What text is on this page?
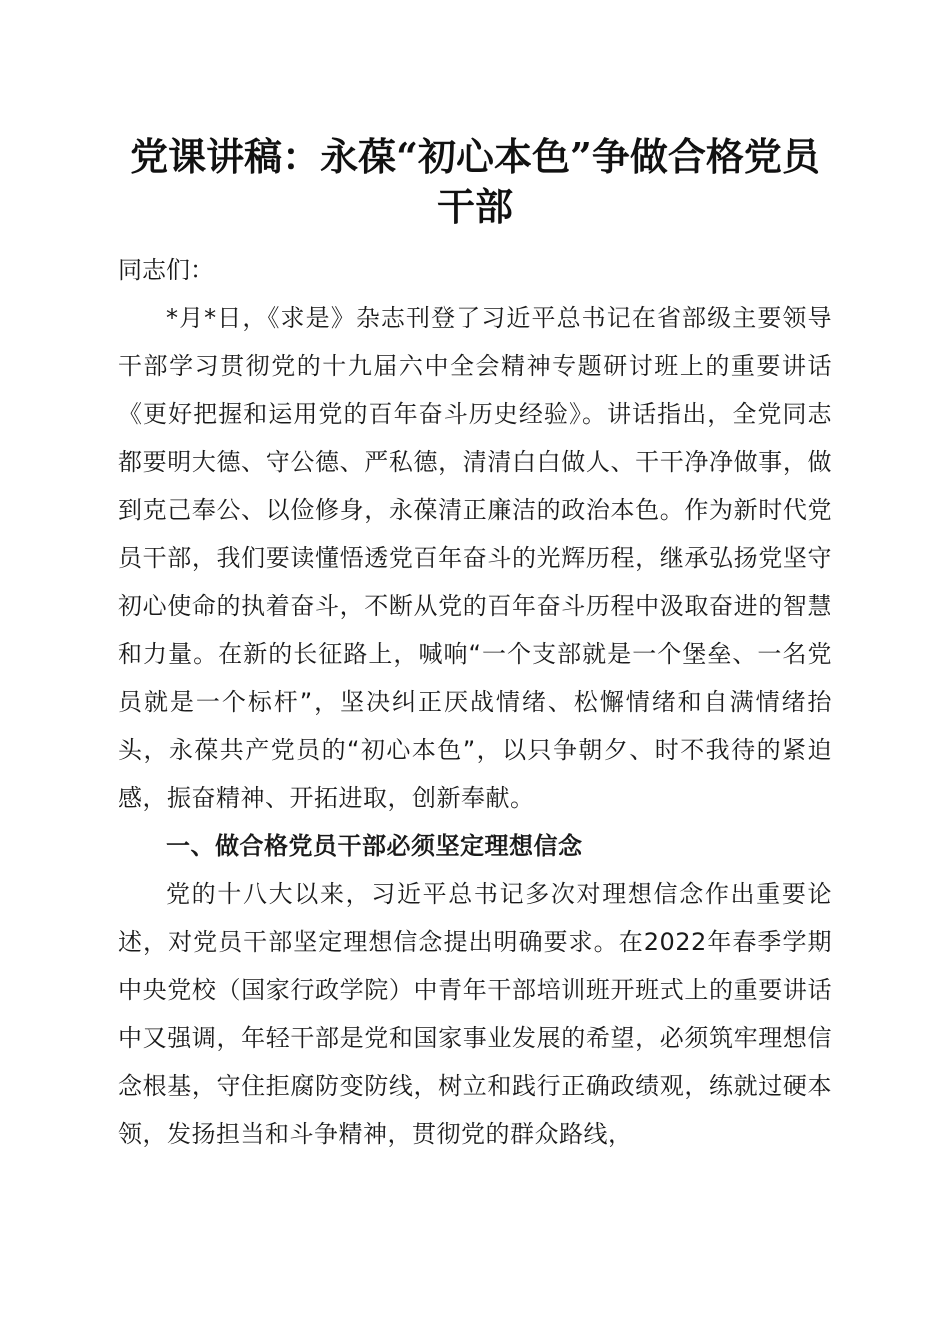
党课讲稿：永葆“初心本色”争做合格党员干部

同志们：

*月*日，《求是》杂志刊登了习近平总书记在省部级主要领导干部学习贯彻党的十九届六中全会精神专题研讨班上的重要讲话《更好把握和运用党的百年奋斗历史经验》。讲话指出，全党同志都要明大德、守公德、严私德，清清白白做人、干干净净做事，做到克己奉公、以俭修身，永葆清正廉洁的政治本色。作为新时代党员干部，我们要读懂悟透党百年奋斗的光辉历程，继承弘扬党坚守初心使命的执着奋斗，不断从党的百年奋斗历程中汲取奋进的智慧和力量。在新的长征路上，喊响“一个支部就是一个堡垒、一名党员就是一个标杆”，坚决纠正厌战情绪、松懈情绪和自满情绪抬头，永葆共产党员的“初心本色”，以只争朝夕、时不我待的紧迫感，振奋精神、开拓进取，创新奉献。

一、做合格党员干部必须坚定理想信念

党的十八大以来，习近平总书记多次对理想信念作出重要论述，对党员干部坚定理想信念提出明确要求。在2022年春季学期中央党校（国家行政学院）中青年干部培训班开班式上的重要讲话中又强调，年轻干部是党和国家事业发展的希望，必须筑牢理想信念根基，守住拒腐防变防线，树立和践行正确政绩观，练就过硬本领，发扬担当和斗争精神，贯彻党的群众路线，
